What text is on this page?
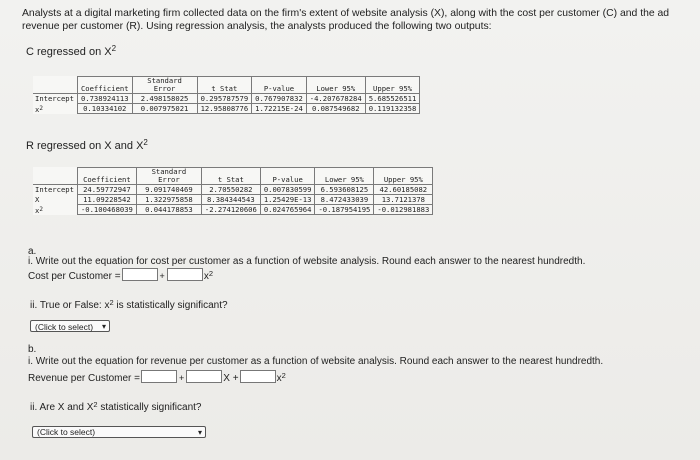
Analysts at a digital marketing firm collected data on the firm's extent of website analysis (X), along with the cost per customer (C) and the ad revenue per customer (R). Using regression analysis, the analysts produced the following two outputs:
C regressed on $X^2$
	Coefficient	Standard Error	t Stat	P-value	Lower 95%	Upper 95%
Intercept	0.738924113	2.498158025	0.295787579	0.767907832	-4.207678284	5.685526511
$x^2$	0.10334102	0.007975021	12.95808776	1.72215E-24	0.087549682	0.119132358
R regressed on X and $X^2$
	Coefficient	Standard Error	t Stat	P-value	Lower 95%	Upper 95%
Intercept	24.59772947	9.091740469	2.70550282	0.007830599	6.593608125	42.60185082
X	11.09228542	1.322975858	8.384344543	1.25429E-13	8.472433039	13.7121378
$x^2$	-0.100468039	0.044178853	-2.274120606	0.024765964	-0.187954195	-0.012981883
a.
i. Write out the equation for cost per customer as a function of website analysis. Round each answer to the nearest hundredth.
Cost per Customer =	+	$x^2$
ii. True or False: $x^2$ is statistically significant?
(Click to select) ▾
b.
i. Write out the equation for revenue per customer as a function of website analysis. Round each answer to the nearest hundredth.
Revenue per Customer =	+	X +	$x^2$
ii. Are X and $X^2$ statistically significant?
(Click to select)	▾
